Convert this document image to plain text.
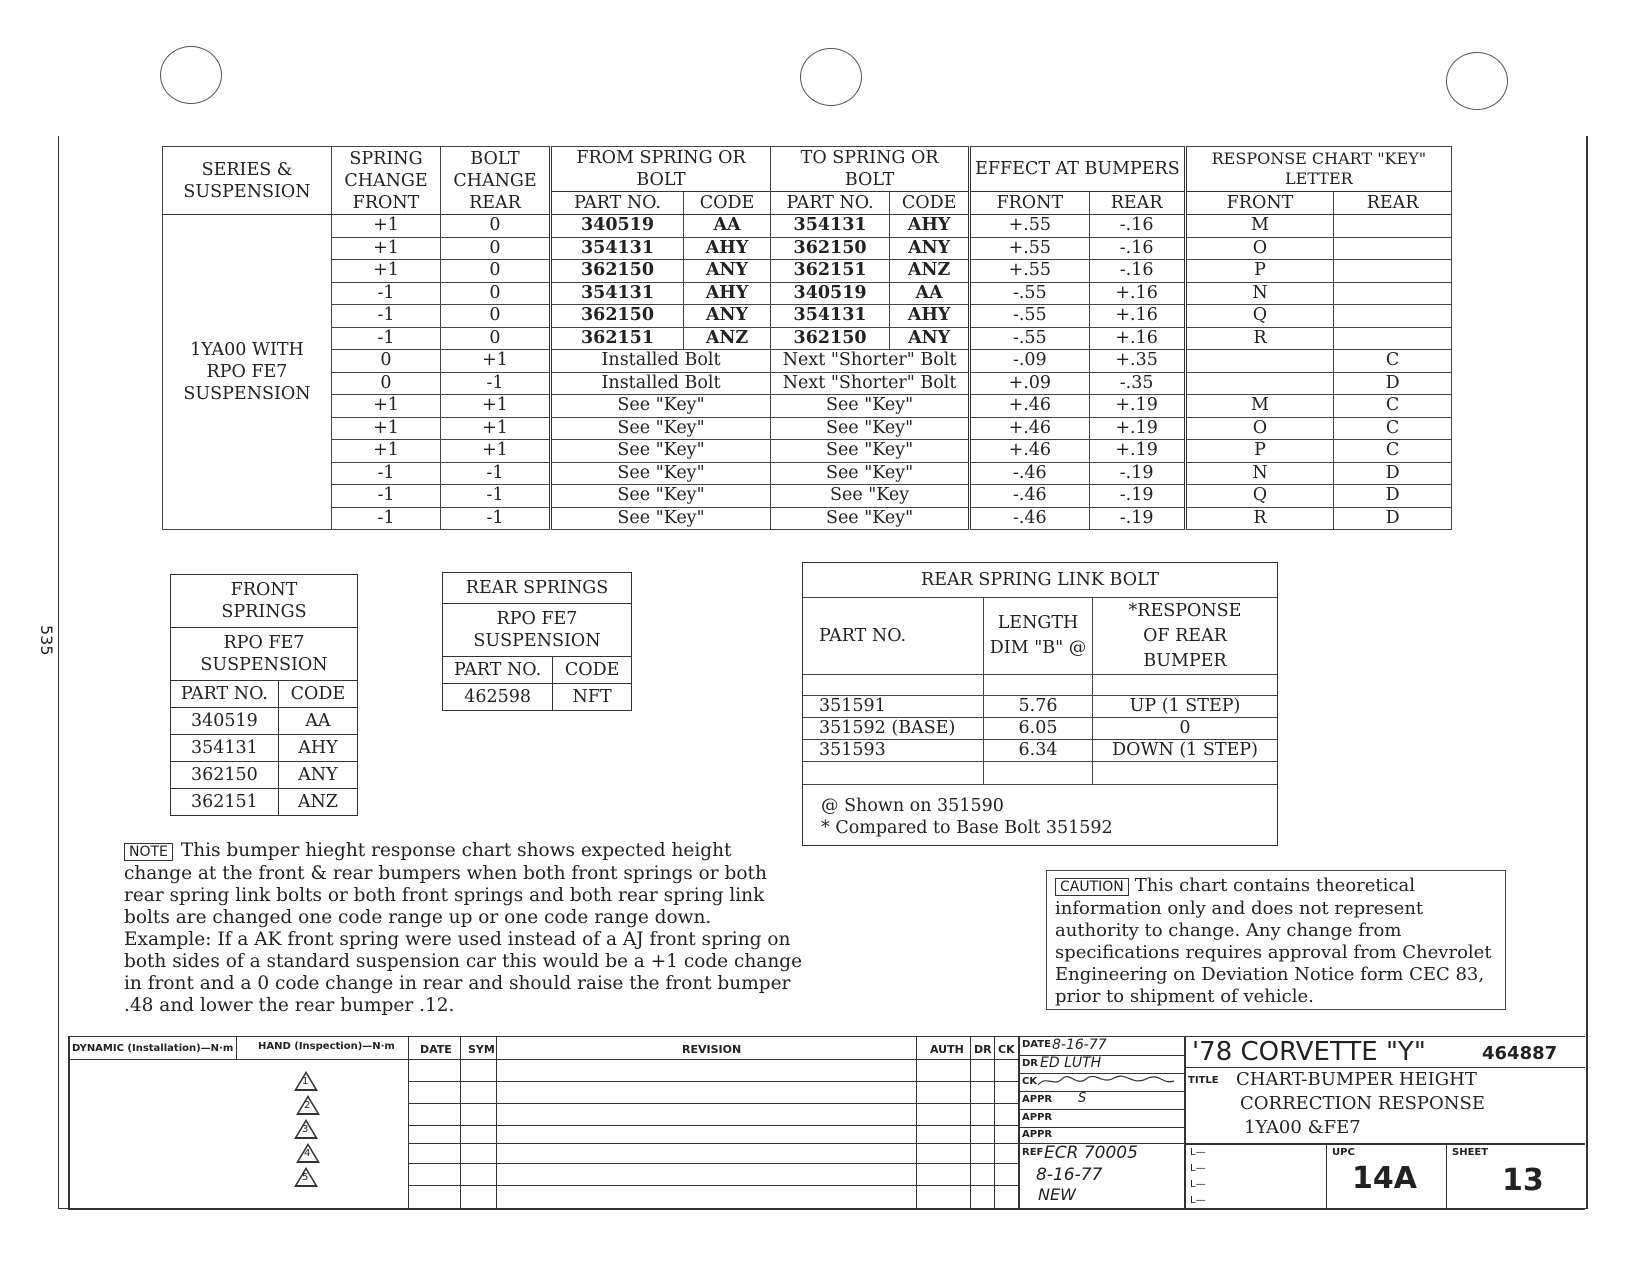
535
SERIES & SUSPENSION	SPRING CHANGE FRONT	BOLT CHANGE REAR	FROM SPRING OR BOLT		TO SPRING OR BOLT		EFFECT AT BUMPERS		RESPONSE CHART "KEY" LETTER	
			PART NO.	CODE	PART NO.	CODE	FRONT	REAR	FRONT	REAR
1YA00 WITH RPO FE7 SUSPENSION	+1	0	340519	AA	354131	AHY	+.55	-.16	M	
	+1	0	354131	AHY	362150	ANY	+.55	-.16	O	
	+1	0	362150	ANY	362151	ANZ	+.55	-.16	P	
	-1	0	354131	AHY	340519	AA	-.55	+.16	N	
	-1	0	362150	ANY	354131	AHY	-.55	+.16	Q	
	-1	0	362151	ANZ	362150	ANY	-.55	+.16	R	
	0	+1	Installed Bolt		Next "Shorter" Bolt		-.09	+.35		C
	0	-1	Installed Bolt		Next "Shorter" Bolt		+.09	-.35		D
	+1	+1	See "Key"		See "Key"		+.46	+.19	M	C
	+1	+1	See "Key"		See "Key"		+.46	+.19	O	C
	+1	+1	See "Key"		See "Key"		+.46	+.19	P	C
	-1	-1	See "Key"		See "Key"		-.46	-.19	N	D
	-1	-1	See "Key"		See "Key		-.46	-.19	Q	D
	-1	-1	See "Key"		See "Key"		-.46	-.19	R	D
FRONT SPRINGS	
RPO FE7 SUSPENSION	
PART NO.	CODE
340519	AA
354131	AHY
362150	ANY
362151	ANZ
REAR SPRINGS	
RPO FE7 SUSPENSION	
PART NO.	CODE
462598	NFT
REAR SPRING LINK BOLT		
PART NO.	LENGTH DIM "B" @	*RESPONSE OF REAR BUMPER

351591	5.76	UP (1 STEP)
351592 (BASE)	6.05	0
351593	6.34	DOWN (1 STEP)

@ Shown on 351590
* Compared to Base Bolt 351592
NOTE This bumper hieght response chart shows expected height change at the front & rear bumpers when both front springs or both rear spring link bolts or both front springs and both rear spring link bolts are changed one code range up or one code range down. Example: If a AK front spring were used instead of a AJ front spring on both sides of a standard suspension car this would be a +1 code change in front and a 0 code change in rear and should raise the front bumper .48 and lower the rear bumper .12.
CAUTION This chart contains theoretical information only and does not represent authority to change. Any change from specifications requires approval from Chevrolet Engineering on Deviation Notice form CEC 83, prior to shipment of vehicle.
DYNAMIC (Installation)—N·m HAND (Inspection)—N·m DATE SYM	REVISION	AUTH DR CK DATE 8-16-77
DR ED LUTH
CK
APPR S
APPR
APPR
REF ECR 70005
8-16-77
NEW
'78 CORVETTE "Y"	464887
TITLE CHART-BUMPER HEIGHT
CORRECTION RESPONSE
1YA00 &FE7
L—
L—
L—
L—
UPC
14A
SHEET
13
1
2
3
4
5
